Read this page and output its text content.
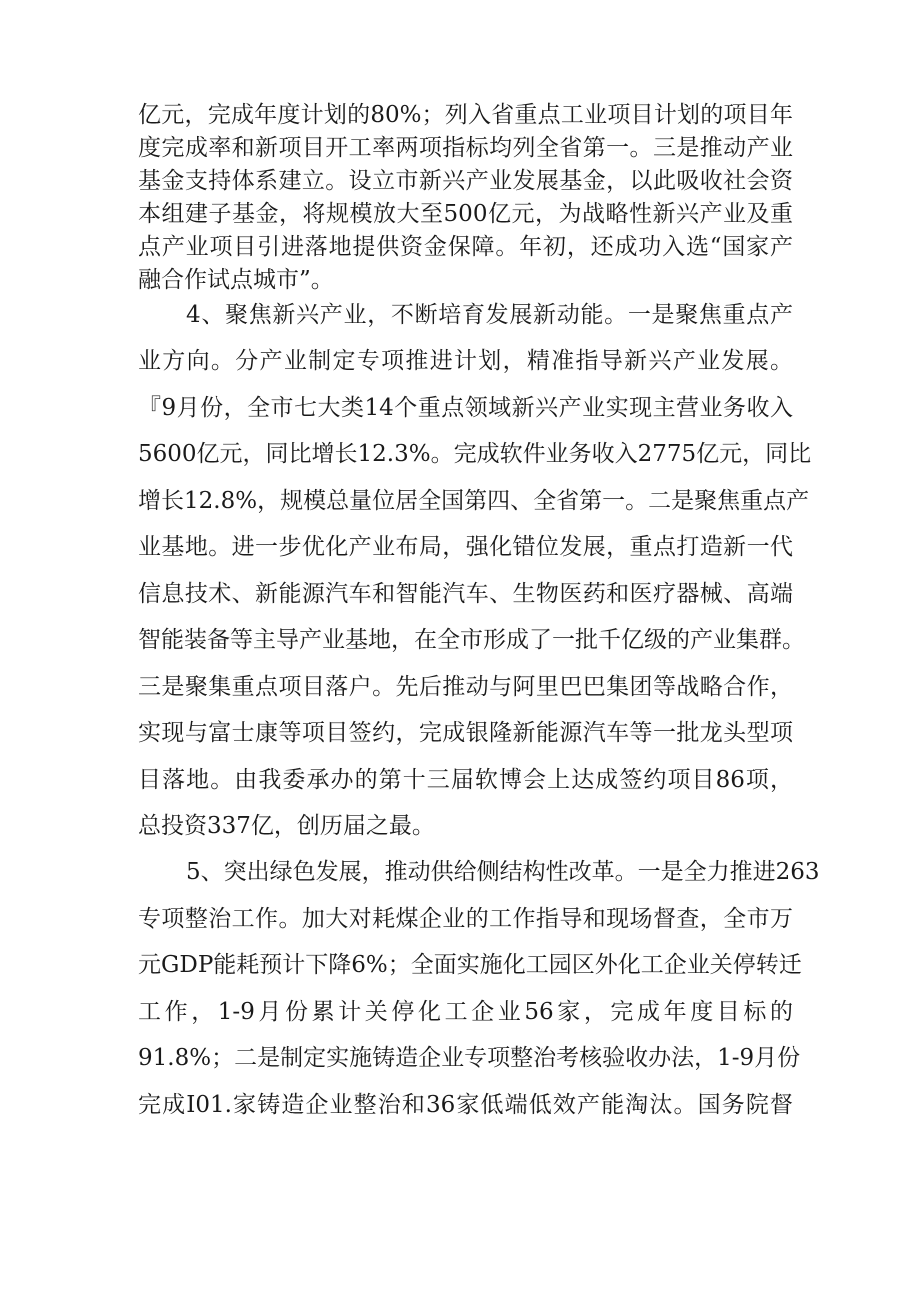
亿元，完成年度计划的80%；列入省重点工业项目计划的项目年
度完成率和新项目开工率两项指标均列全省第一。三是推动产业
基金支持体系建立。设立市新兴产业发展基金，以此吸收社会资
本组建子基金，将规模放大至500亿元，为战略性新兴产业及重
点产业项目引进落地提供资金保障。年初，还成功入选“国家产
融合作试点城市”。
4、聚焦新兴产业，不断培育发展新动能。一是聚焦重点产
业方向。分产业制定专项推进计划，精准指导新兴产业发展。
『9月份，全市七大类14个重点领域新兴产业实现主营业务收入
5600亿元，同比增长12.3%。完成软件业务收入2775亿元，同比
增长12.8%，规模总量位居全国第四、全省第一。二是聚焦重点产
业基地。进一步优化产业布局，强化错位发展，重点打造新一代
信息技术、新能源汽车和智能汽车、生物医药和医疗器械、高端
智能装备等主导产业基地，在全市形成了一批千亿级的产业集群。
三是聚集重点项目落户。先后推动与阿里巴巴集团等战略合作，
实现与富士康等项目签约，完成银隆新能源汽车等一批龙头型项
目落地。由我委承办的第十三届软博会上达成签约项目86项，
总投资337亿，创历届之最。
5、突出绿色发展，推动供给侧结构性改革。一是全力推进263
专项整治工作。加大对耗煤企业的工作指导和现场督查，全市万
元GDP能耗预计下降6%；全面实施化工园区外化工企业关停转迁
工作，1-9月份累计关停化工企业56家，完成年度目标的
91.8%；二是制定实施铸造企业专项整治考核验收办法，1-9月份
完成I01.家铸造企业整治和36家低端低效产能淘汰。国务院督
